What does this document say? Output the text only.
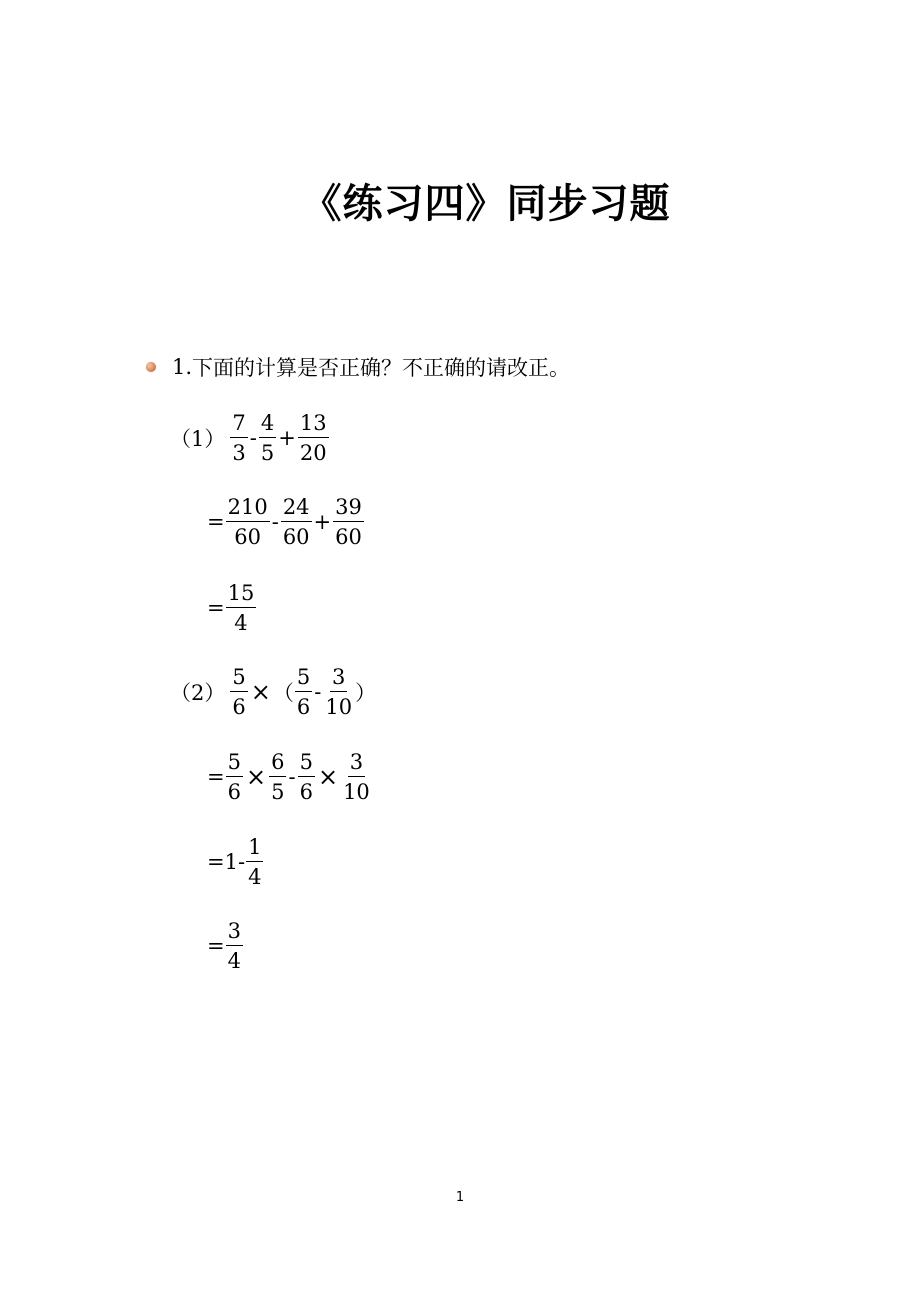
《练习四》同步习题
1. 下面的计算是否正确？不正确的请改正。
$(1) \frac{7}{3} - \frac{4}{5} + \frac{13}{20}$
= $\frac{210}{60} - \frac{24}{60} + \frac{39}{60}$
= $\frac{15}{4}$
$(2) \frac{5}{6}$ × （ $\frac{5}{6} - \frac{3}{10}$ ）
= $\frac{5}{6} \times \frac{6}{5} - \frac{5}{6} \times \frac{3}{10}$
$=1- \frac{1}{4}$
= $\frac{3}{4}$
1
